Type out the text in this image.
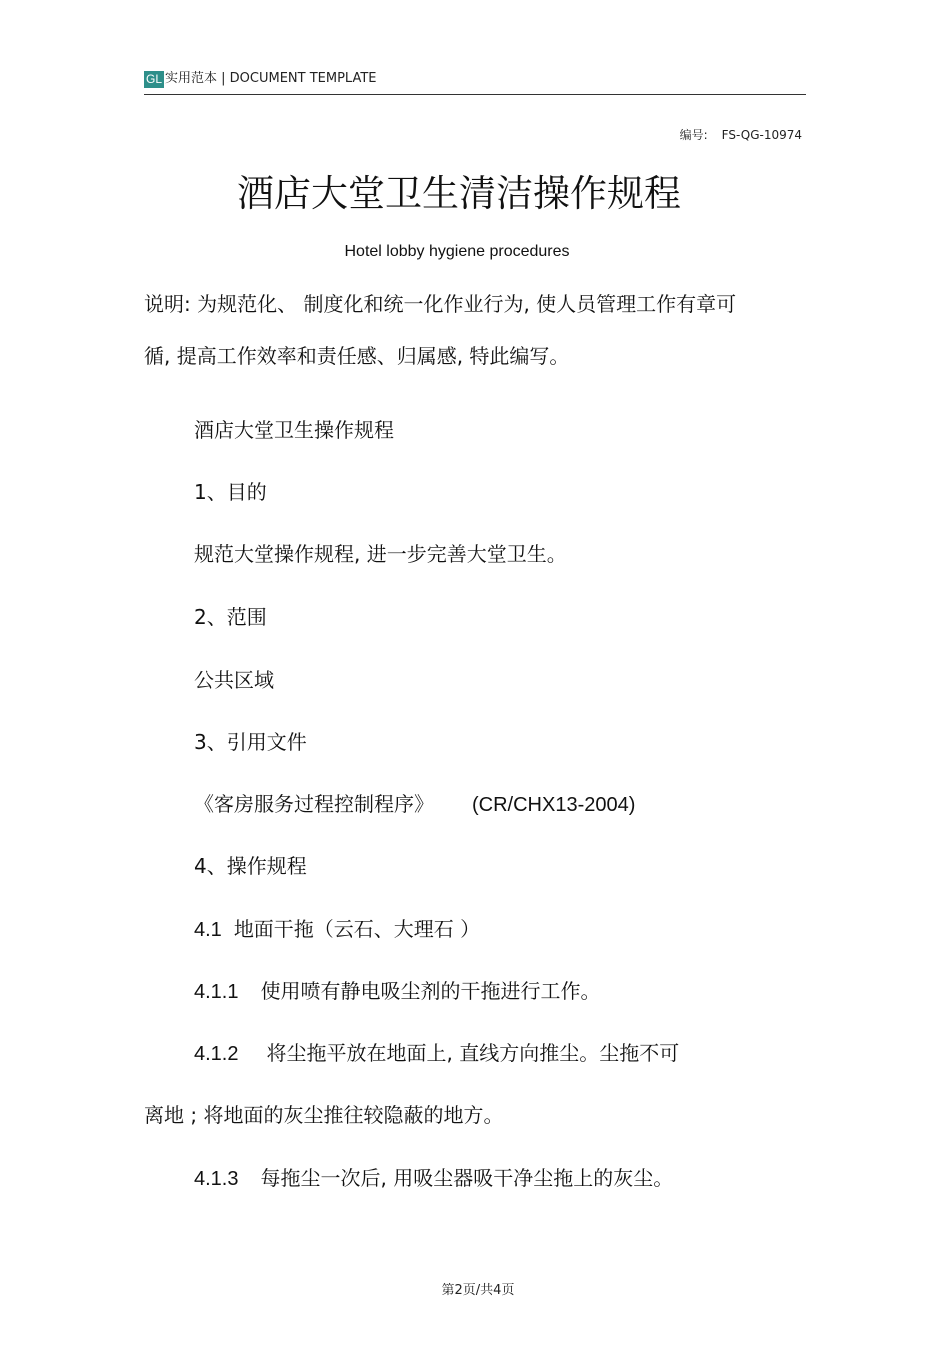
GL 实用范本 | DOCUMENT TEMPLATE
编号: FS-QG-10974
酒店大堂卫生清洁操作规程
Hotel lobby hygiene procedures
说明: 为规范化、 制度化和统一化作业行为, 使人员管理工作有章可
循, 提高工作效率和责任感、归属感, 特此编写。
酒店大堂卫生操作规程
1、目的
规范大堂操作规程, 进一步完善大堂卫生。
2、范围
公共区域
3、引用文件
《客房服务过程控制程序》 (CR/CHX13-2004)
4、操作规程
4.1 地面干拖（云石、大理石 ）
4.1.1 使用喷有静电吸尘剂的干拖进行工作。
4.1.2 将尘拖平放在地面上, 直线方向推尘。尘拖不可
离地 ; 将地面的灰尘推往较隐蔽的地方。
4.1.3 每拖尘一次后, 用吸尘器吸干净尘拖上的灰尘。
第2页/共4页
